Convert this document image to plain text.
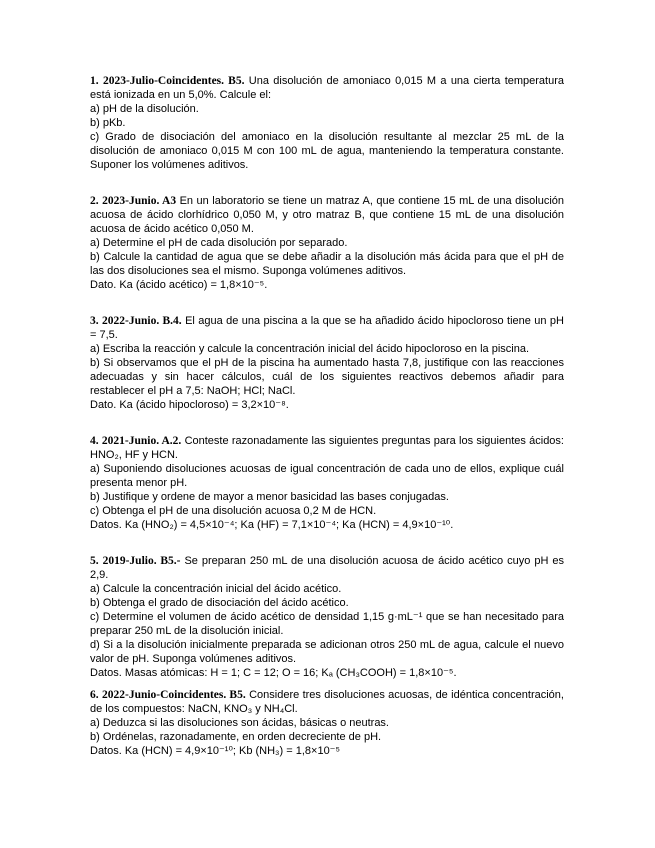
1. 2023-Julio-Coincidentes. B5. Una disolución de amoniaco 0,015 M a una cierta temperatura está ionizada en un 5,0%. Calcule el:

a) pH de la disolución.

b) pKb.

c) Grado de disociación del amoniaco en la disolución resultante al mezclar 25 mL de la disolución de amoniaco 0,015 M con 100 mL de agua, manteniendo la temperatura constante. Suponer los volúmenes aditivos.

2. 2023-Junio. A3 En un laboratorio se tiene un matraz A, que contiene 15 mL de una disolución acuosa de ácido clorhídrico 0,050 M, y otro matraz B, que contiene 15 mL de una disolución acuosa de ácido acético 0,050 M.

a) Determine el pH de cada disolución por separado.

b) Calcule la cantidad de agua que se debe añadir a la disolución más ácida para que el pH de las dos disoluciones sea el mismo. Suponga volúmenes aditivos.

Dato. Ka (ácido acético) = 1,8×10⁻⁵.

3. 2022-Junio. B.4. El agua de una piscina a la que se ha añadido ácido hipocloroso tiene un pH = 7,5.

a) Escriba la reacción y calcule la concentración inicial del ácido hipocloroso en la piscina.

b) Si observamos que el pH de la piscina ha aumentado hasta 7,8, justifique con las reacciones adecuadas y sin hacer cálculos, cuál de los siguientes reactivos debemos añadir para restablecer el pH a 7,5: NaOH; HCl; NaCl.

Dato. Ka (ácido hipocloroso) = 3,2×10⁻⁸.

4. 2021-Junio. A.2. Conteste razonadamente las siguientes preguntas para los siguientes ácidos: HNO₂, HF y HCN.

a) Suponiendo disoluciones acuosas de igual concentración de cada uno de ellos, explique cuál presenta menor pH.

b) Justifique y ordene de mayor a menor basicidad las bases conjugadas.

c) Obtenga el pH de una disolución acuosa 0,2 M de HCN.

Datos. Ka (HNO₂) = 4,5×10⁻⁴; Ka (HF) = 7,1×10⁻⁴; Ka (HCN) = 4,9×10⁻¹⁰.

5. 2019-Julio. B5.- Se preparan 250 mL de una disolución acuosa de ácido acético cuyo pH es 2,9.

a) Calcule la concentración inicial del ácido acético.

b) Obtenga el grado de disociación del ácido acético.

c) Determine el volumen de ácido acético de densidad 1,15 g·mL⁻¹ que se han necesitado para preparar 250 mL de la disolución inicial.

d) Si a la disolución inicialmente preparada se adicionan otros 250 mL de agua, calcule el nuevo valor de pH. Suponga volúmenes aditivos.

Datos. Masas atómicas: H = 1; C = 12; O = 16; Kₐ (CH₃COOH) = 1,8×10⁻⁵.

6. 2022-Junio-Coincidentes. B5. Considere tres disoluciones acuosas, de idéntica concentración, de los compuestos: NaCN, KNO₃ y NH₄Cl.

a) Deduzca si las disoluciones son ácidas, básicas o neutras.

b) Ordénelas, razonadamente, en orden decreciente de pH.

Datos. Ka (HCN) = 4,9×10⁻¹⁰; Kb (NH₃) = 1,8×10⁻⁵
